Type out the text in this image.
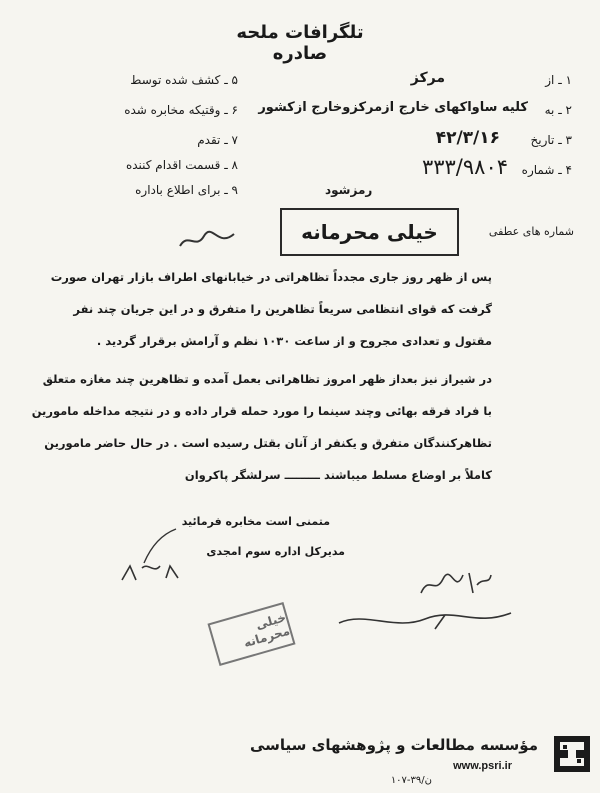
تلگرافات ملحه صادره
۱ ـ از
مرکز
۲ ـ به
کلیه ساواکهای خارج ازمرکزوخارج ازکشور
۳ ـ تاریخ
۴۲/۳/۱۶
۴ ـ شماره
۳۳۳/۹۸۰۴
۵ ـ کشف شده توسط
۶ ـ وقتیکه مخابره شده
۷ ـ تقدم
۸ ـ قسمت اقدام کننده
۹ ـ برای اطلاع باداره	رمزشود
شماره های عطفی
خیلی محرمانه
پس از ظهر روز جاری مجدداً تظاهراتی در خیابانهای اطراف بازار تهران صورت
گرفت که قوای انتظامی سریعاً تظاهرین را متفرق و در این جریان چند نفر
مقتول و تعدادی مجروح و از ساعت ۱۰۳۰ نظم و آرامش برقرار گردید .
در شیراز نیز بعداز ظهر امروز تظاهراتی بعمل آمده و تظاهرین چند مغازه متعلق
با فراد فرقه بهائی وچند سینما را مورد حمله قرار داده و در نتیجه مداخله مامورین
تظاهرکنندگان متفرق و یکنفر از آنان بقتل رسیده است . در حال حاضر مامورین
کاملاً بر اوضاع مسلط میباشند ـــــــــ سرلشگر پاکروان
متمنی است مخابره فرمائید
مدیرکل اداره سوم امجدی
خیلی محرمانه
مؤسسه مطالعات و پژوهشهای سیاسی
www.psri.ir
۱۰۷-۳۹/ن
